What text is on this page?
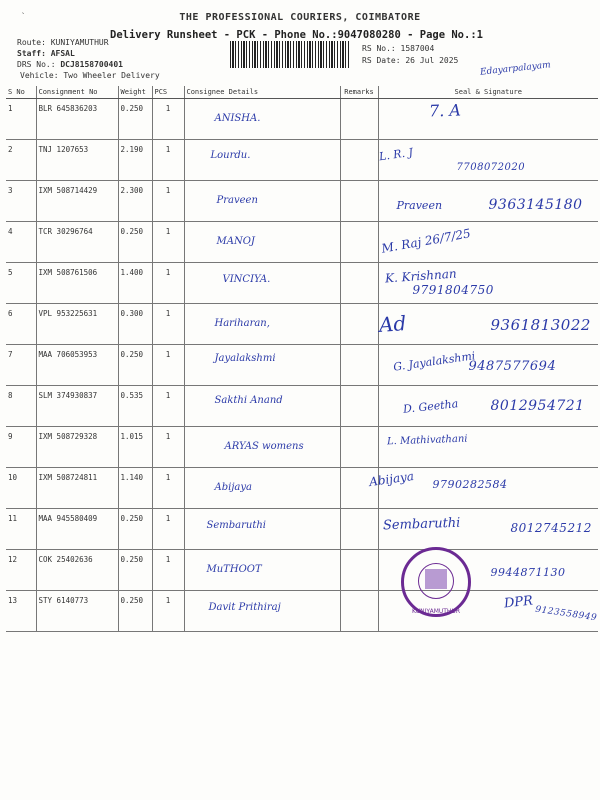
`	THE PROFESSIONAL COURIERS, COIMBATORE
Delivery Runsheet - PCK - Phone No.:9047080280 - Page No.:1
Route: KUNIYAMUTHUR
Staff: AFSAL
DRS No.: DCJ8158700401
Vehicle: Two Wheeler Delivery
RS No.: 1587004
RS Date: 26 Jul 2025 Edayarpalayam
S No	Consignment No	Weight	PCS	Consignee Details	Remarks	Seal & Signature
1	BLR 645836203	0.250	1	ANISHA.		7. A

2	TNJ 1207653	2.190	1	Lourdu.		L. R. J
7708072020

3	IXM 508714429	2.300	1	Praveen		Praveen 9363145180

4	TCR 30296764	0.250	1	MANOJ		M. Raj 26/7/25

5	IXM 508761506	1.400	1	VINCIYA.		K. Krishnan
9791804750

6	VPL 953225631	0.300	1	Hariharan,		Ad 9361813022

7	MAA 706053953	0.250	1	Jayalakshmi		G. Jayalakshmi
9487577694

8	SLM 374930837	0.535	1	Sakthi Anand		D. Geetha 8012954721

9	IXM 508729328	1.015	1	ARYAS womens		L. Mathivathani

10	IXM 508724811	1.140	1	Abijaya		Abijaya 9790282584

11	MAA 945580409	0.250	1	Sembaruthi		Sembaruthi 8012745212

12	COK 25402636	0.250	1	MuTHOOT		9944871130

13	STY 6140773	0.250	1	Davit Prithiraj		DPR
9123558949
KUNIYAMUTHUR
